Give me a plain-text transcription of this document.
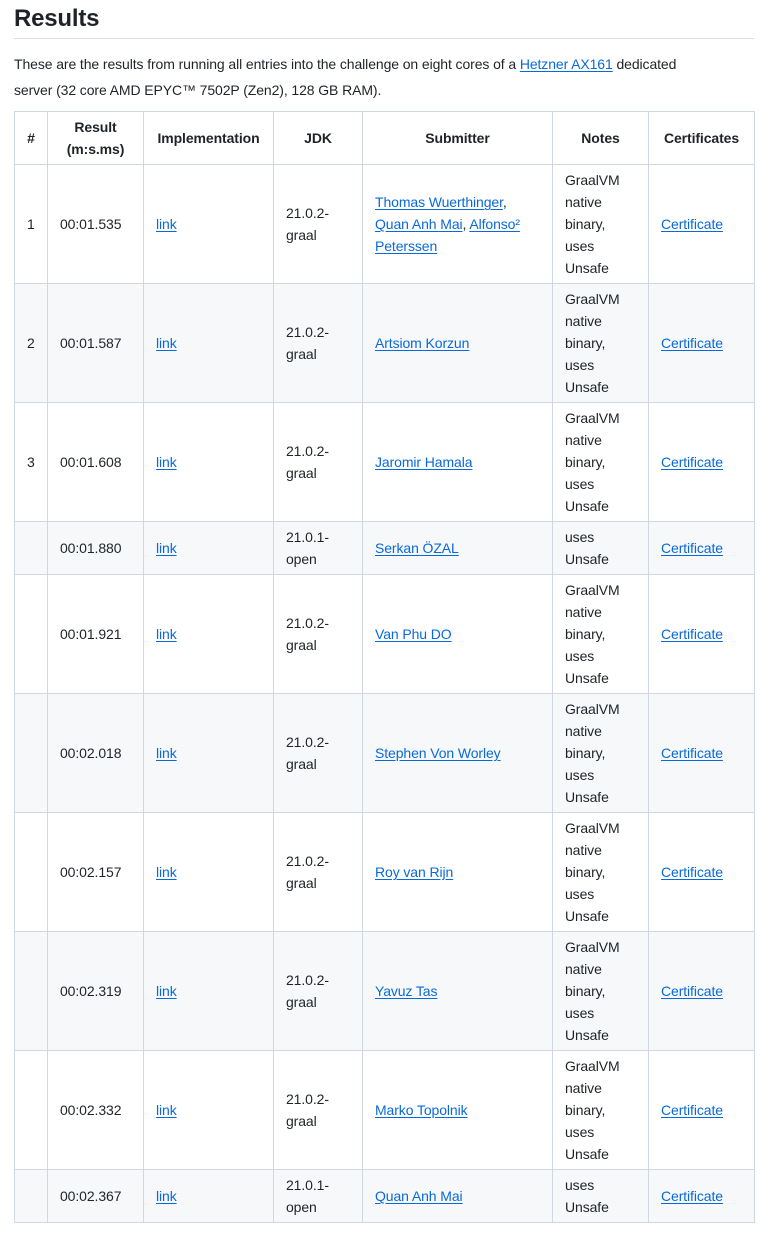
Results

These are the results from running all entries into the challenge on eight cores of a Hetzner AX161 dedicated
server (32 core AMD EPYC™ 7502P (Zen2), 128 GB RAM).

#	Result (m:s.ms)	Implementation	JDK	Submitter	Notes	Certificates
1	00:01.535	link	21.0.2-graal	Thomas Wuerthinger, Quan Anh Mai, Alfonso² Peterssen	GraalVM native binary, uses Unsafe	Certificate
2	00:01.587	link	21.0.2-graal	Artsiom Korzun	GraalVM native binary, uses Unsafe	Certificate
3	00:01.608	link	21.0.2-graal	Jaromir Hamala	GraalVM native binary, uses Unsafe	Certificate
	00:01.880	link	21.0.1-open	Serkan ÖZAL	uses Unsafe	Certificate
	00:01.921	link	21.0.2-graal	Van Phu DO	GraalVM native binary, uses Unsafe	Certificate
	00:02.018	link	21.0.2-graal	Stephen Von Worley	GraalVM native binary, uses Unsafe	Certificate
	00:02.157	link	21.0.2-graal	Roy van Rijn	GraalVM native binary, uses Unsafe	Certificate
	00:02.319	link	21.0.2-graal	Yavuz Tas	GraalVM native binary, uses Unsafe	Certificate
	00:02.332	link	21.0.2-graal	Marko Topolnik	GraalVM native binary, uses Unsafe	Certificate
	00:02.367	link	21.0.1-open	Quan Anh Mai	uses Unsafe	Certificate
